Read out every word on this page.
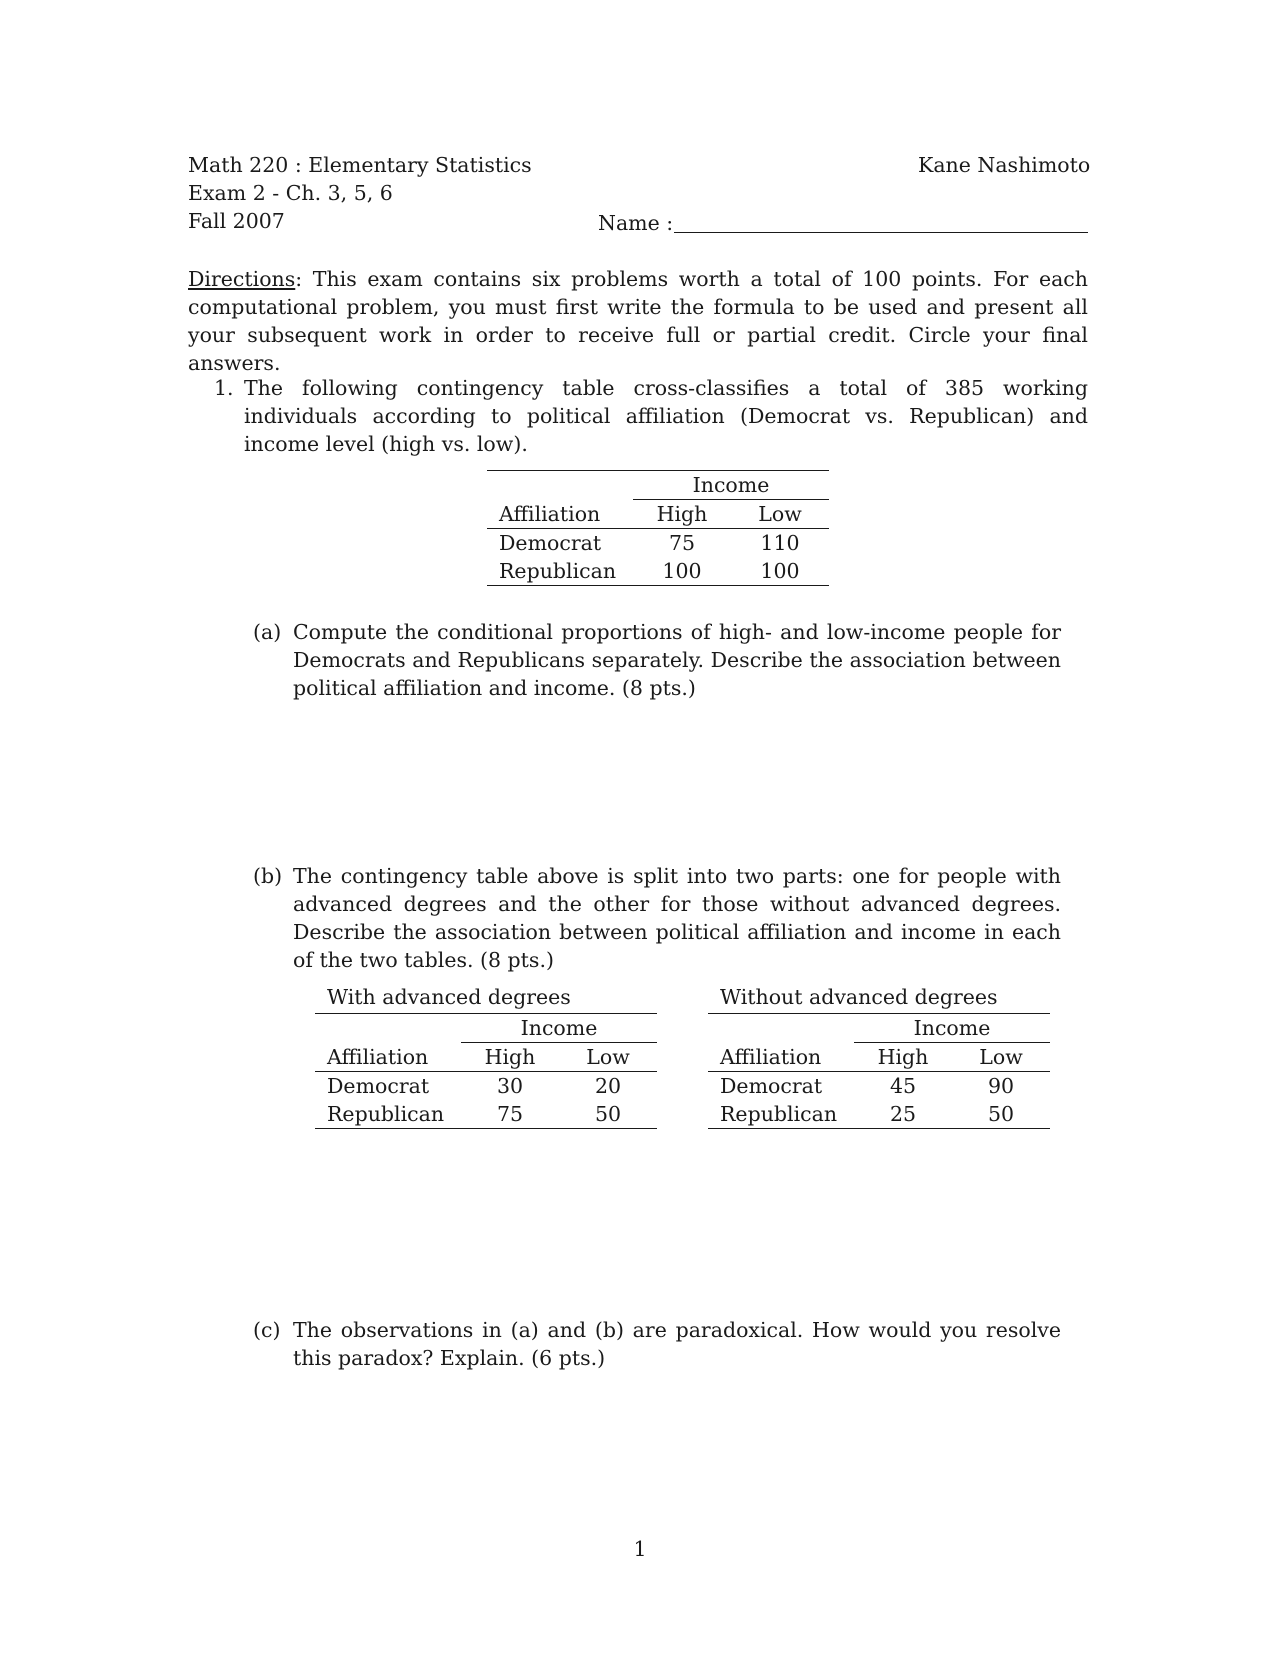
Math 220 : Elementary Statistics
Exam 2 - Ch. 3, 5, 6
Fall 2007
Kane Nashimoto
Name :

Directions: This exam contains six problems worth a total of 100 points. For each computational problem, you must first write the formula to be used and present all your subsequent work in order to receive full or partial credit. Circle your final answers.

1. The following contingency table cross-classifies a total of 385 working individuals according to political affiliation (Democrat vs. Republican) and income level (high vs. low).
	Income	
Affiliation	High	Low
Democrat	75	110
Republican	100	100
(a) Compute the conditional proportions of high- and low-income people for Democrats and Republicans separately. Describe the association between political affiliation and income. (8 pts.)
(b) The contingency table above is split into two parts: one for people with advanced degrees and the other for those without advanced degrees. Describe the association between political affiliation and income in each of the two tables. (8 pts.)
With advanced degrees
	Income	
Affiliation	High	Low
Democrat	30	20
Republican	75	50
Without advanced degrees
	Income	
Affiliation	High	Low
Democrat	45	90
Republican	25	50
(c) The observations in (a) and (b) are paradoxical. How would you resolve this paradox? Explain. (6 pts.)
1
